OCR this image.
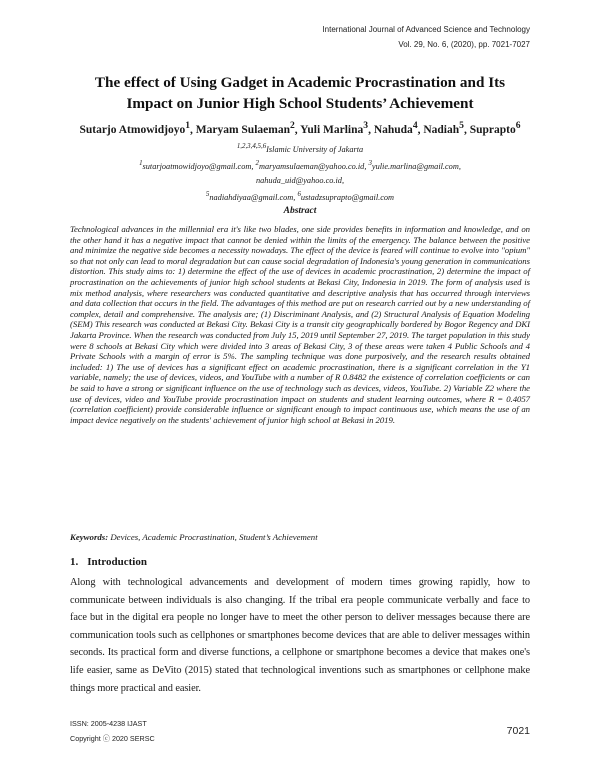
International Journal of Advanced Science and Technology
Vol. 29, No. 6, (2020), pp. 7021-7027
The effect of Using Gadget in Academic Procrastination and Its
Impact on Junior High School Students’ Achievement
Sutarjo Atmowidjoyo$^1$, Maryam Sulaeman$^2$, Yuli Marlina$^3$, Nahuda$^4$, Nadiah$^5$, Suprapto$^6$
$^{1,2,3,4,5,6}$Islamic University of Jakarta
$^1$sutarjoatmowidjoyo@gmail.com, $^2$maryamsulaeman@yahoo.co.id, $^3$yulie.marlina@gmail.com,
nahuda_uid@yahoo.co.id,
$^5$nadiahdiyaa@gmail.com, $^6$ustadzsuprapto@gmail.com
Abstract
Technological advances in the millennial era it's like two blades, one side provides benefits in information and knowledge, and on the other hand it has a negative impact that cannot be denied within the limits of the emergency. The balance between the positive and minimize the negative side becomes a necessity nowadays. The effect of the device is feared will continue to evolve into "opium" so that not only can lead to moral degradation but can cause social degradation of Indonesia's young generation in communications distortion. This study aims to: 1) determine the effect of the use of devices in academic procrastination, 2) determine the impact of procrastination on the achievements of junior high school students at Bekasi City, Indonesia in 2019. The form of analysis used is mix method analysis, where researchers was conducted quantitative and descriptive analysis that has occurred through interviews and data collection that occurs in the field. The advantages of this method are put on research carried out by a new understanding of complex, detail and comprehensive. The analysis are; (1) Discriminant Analysis, and (2) Structural Analysis of Equation Modeling (SEM) This research was conducted at Bekasi City. Bekasi City is a transit city geographically bordered by Bogor Regency and DKI Jakarta Province. When the research was conducted from July 15, 2019 until September 27, 2019. The target population in this study were 8 schools at Bekasi City which were divided into 3 areas of Bekasi City, 3 of these areas were taken 4 Public Schools and 4 Private Schools with a margin of error is 5%. The sampling technique was done purposively, and the research results obtained included: 1) The use of devices has a significant effect on academic procrastination, there is a significant correlation in the Y1 variable, namely; the use of devices, videos, and YouTube with a number of R 0.8482 the existence of correlation coefficients or can be said to have a strong or significant influence on the use of technology such as devices, videos, YouTube. 2) Variable Z2 where the use of devices, video and YouTube provide procrastination impact on students and student learning outcomes, where R = 0.4057 (correlation coefficient) provide considerable influence or significant enough to impact continuous use, which means the use of an impact device negatively on the students' achievement of junior high school at Bekasi in 2019.
Keywords: Devices, Academic Procrastination, Student’s Achievement
1. Introduction
Along with technological advancements and development of modern times growing rapidly, how to communicate between individuals is also changing. If the tribal era people communicate verbally and face to face but in the digital era people no longer have to meet the other person to deliver messages because there are communication tools such as cellphones or smartphones become devices that are able to deliver messages within seconds. Its practical form and diverse functions, a cellphone or smartphone becomes a device that makes one's life easier, same as DeVito (2015) stated that technological inventions such as smartphones or cellphone make things more practical and easier.
ISSN: 2005-4238 IJAST
Copyright ⓒ 2020 SERSC
7021
